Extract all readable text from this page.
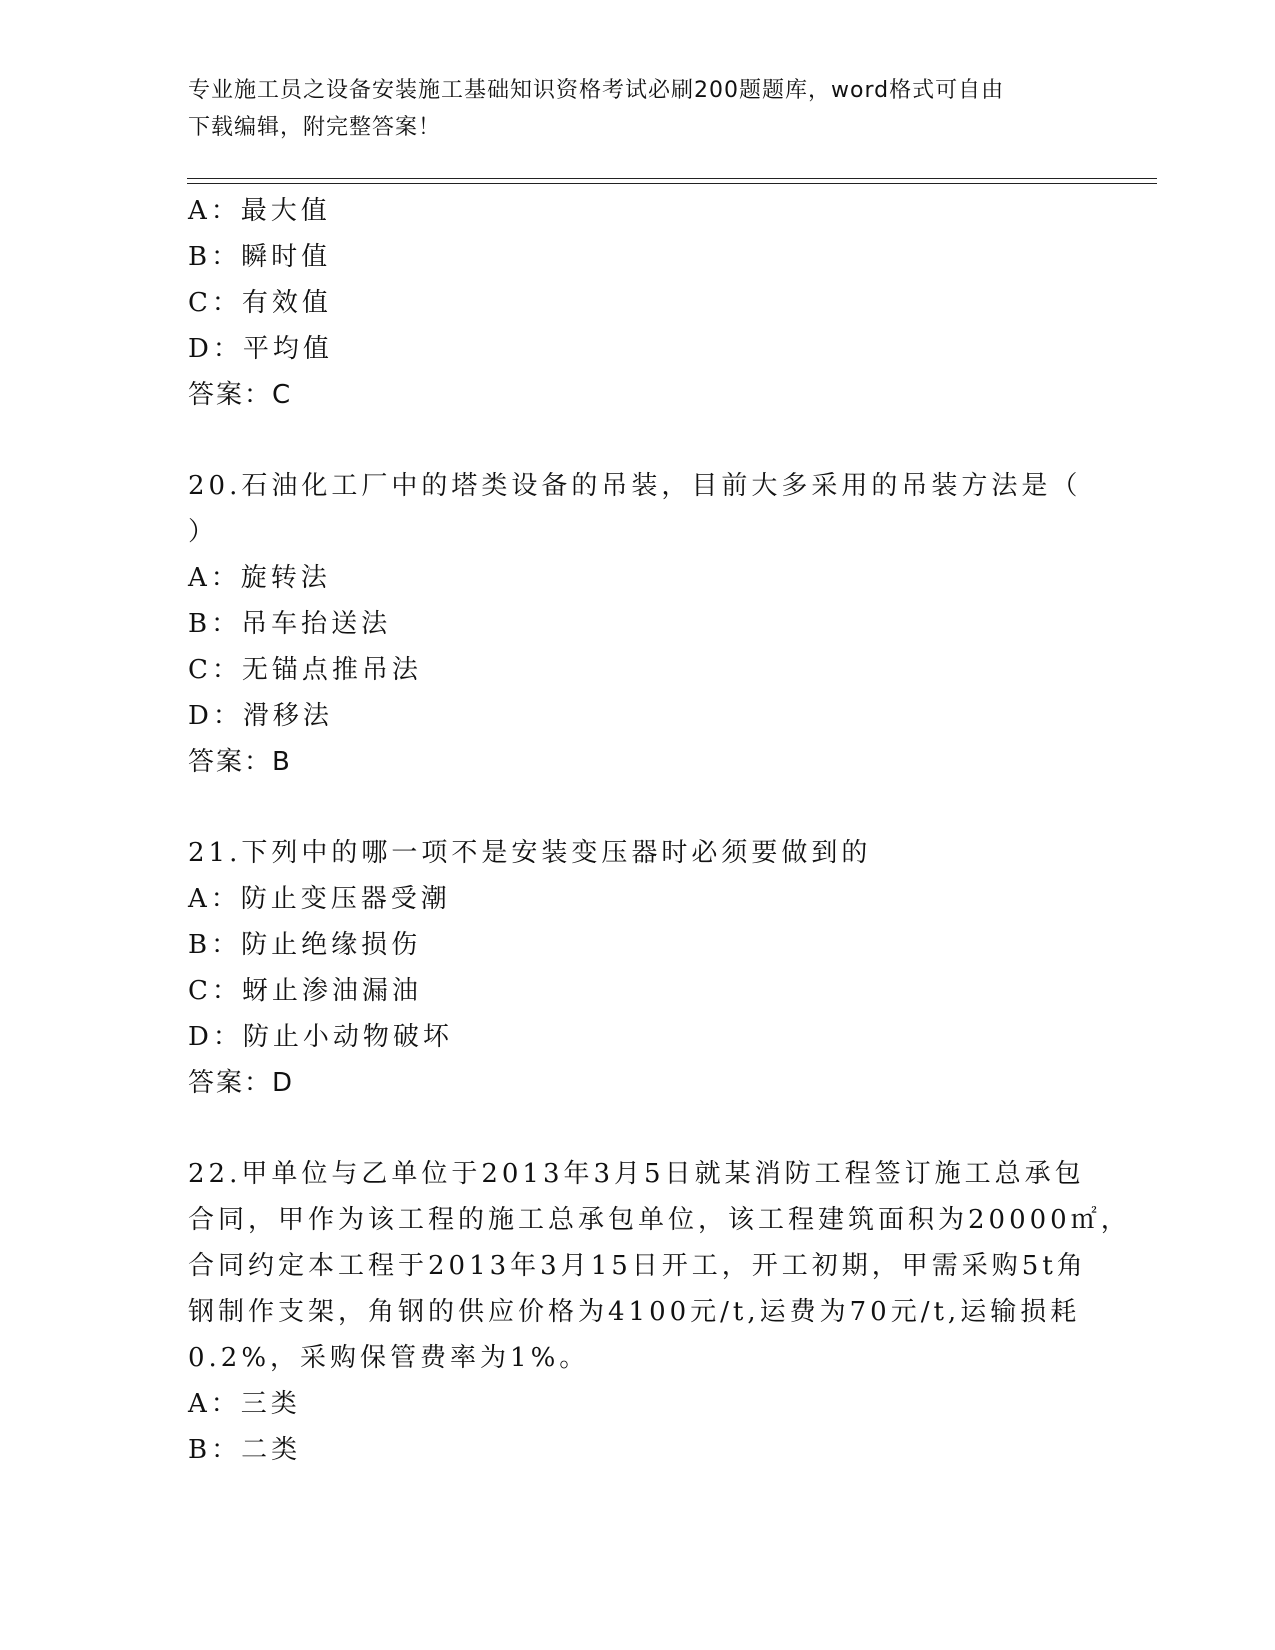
专业施工员之设备安装施工基础知识资格考试必刷200题题库，word格式可自由
下载编辑，附完整答案！
A：最大值
B：瞬时值
C：有效值
D：平均值
答案：C
20.石油化工厂中的塔类设备的吊装，目前大多采用的吊装方法是（
）
A：旋转法
B：吊车抬送法
C：无锚点推吊法
D：滑移法
答案：B
21.下列中的哪一项不是安装变压器时必须要做到的
A：防止变压器受潮
B：防止绝缘损伤
C：蚜止渗油漏油
D：防止小动物破坏
答案：D
22.甲单位与乙单位于2013年3月5日就某消防工程签订施工总承包
合同，甲作为该工程的施工总承包单位，该工程建筑面积为20000㎡，
合同约定本工程于2013年3月15日开工，开工初期，甲需采购5t角
钢制作支架，角钢的供应价格为4100元/t,运费为70元/t,运输损耗
0.2%，采购保管费率为1%。
A：三类
B：二类
